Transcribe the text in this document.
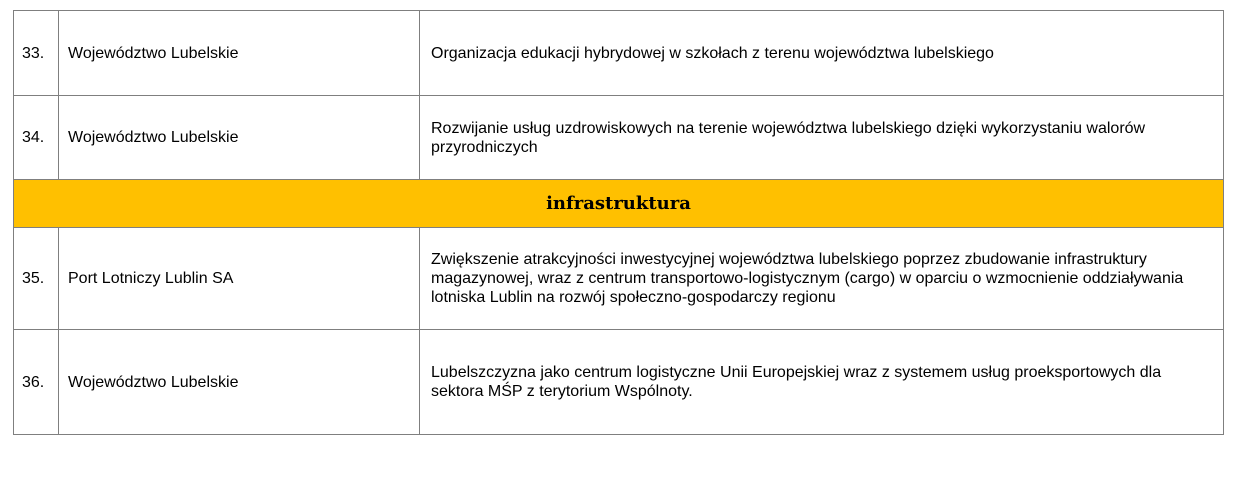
33.	Województwo Lubelskie	Organizacja edukacji hybrydowej w szkołach z terenu województwa lubelskiego
34.	Województwo Lubelskie	Rozwijanie usług uzdrowiskowych na terenie województwa lubelskiego dzięki wykorzystaniu walorów przyrodniczych
infrastruktura		
35.	Port Lotniczy Lublin SA	Zwiększenie atrakcyjności inwestycyjnej województwa lubelskiego poprzez zbudowanie infrastruktury magazynowej, wraz z centrum transportowo-logistycznym (cargo) w oparciu o wzmocnienie oddziaływania lotniska Lublin na rozwój społeczno-gospodarczy regionu
36.	Województwo Lubelskie	Lubelszczyzna jako centrum logistyczne Unii Europejskiej wraz z systemem usług proeksportowych dla sektora MŚP z terytorium Wspólnoty.
